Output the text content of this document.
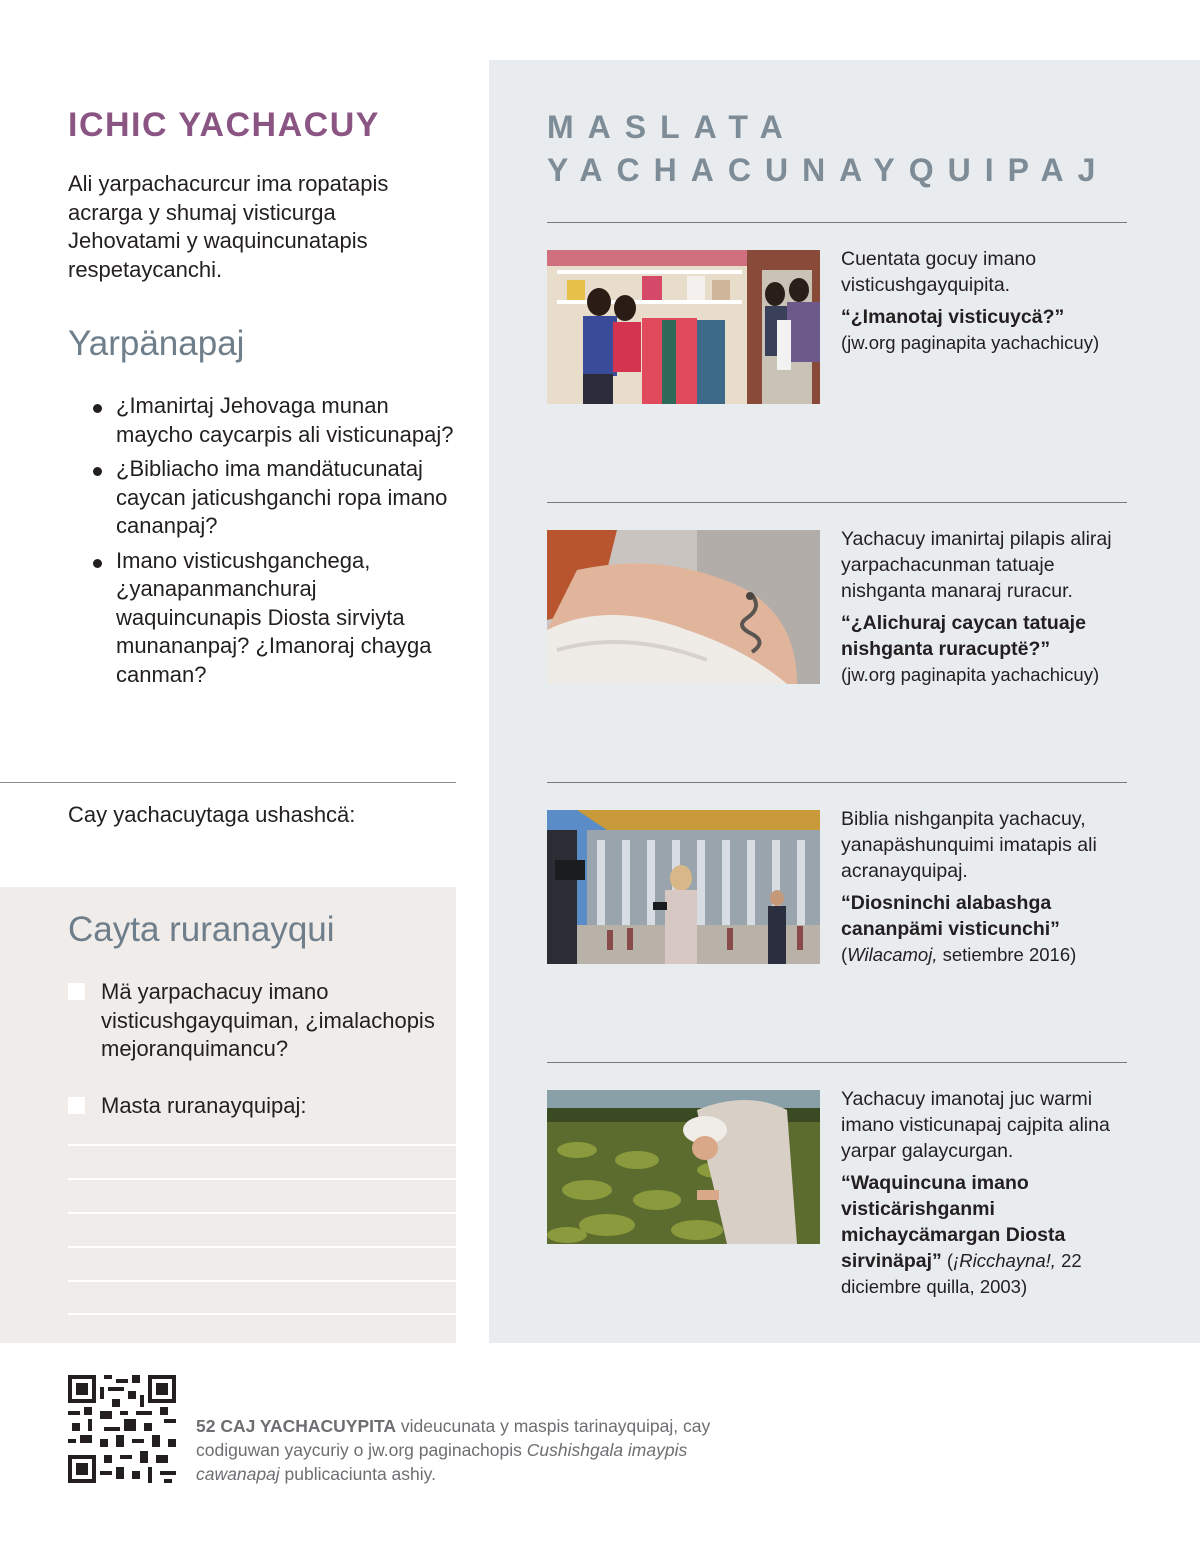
ICHIC YACHACUY

Ali yarpachacurcur ima ropatapis acrarga y shumaj visticurga Jehovatami y waquincunatapis respetaycanchi.

Yarpänapaj
¿Imanirtaj Jehovaga munan maycho caycarpis ali visticunapaj?
¿Bibliacho ima mandätucunataj caycan jaticushganchi ropa imano cananpaj?
Imano visticushganchega, ¿yanapanmanchuraj waquincunapis Diosta sirviyta munananpaj? ¿Imanoraj chayga canman?

Cay yachacuytaga ushashcä:

Cayta ruranayqui
Mä yarpachacuy imano visticushgayquiman, ¿imalachopis mejoranquimancu?
Masta ruranayquipaj:
MASLATA YACHACUNAYQUIPAJ
Cuentata gocuy imano visticushgayquipita.
“¿Imanotaj visticuycä?”
(jw.org paginapita yachachicuy)
Yachacuy imanirtaj pilapis aliraj yarpachacunman tatuaje nishganta manaraj ruracur.
“¿Alichuraj caycan tatuaje nishganta ruracuptë?”
(jw.org paginapita yachachicuy)
Biblia nishganpita yachacuy, yanapäshunquimi imatapis ali acranayquipaj.
“Diosninchi alabashga cananpämi visticunchi”
(Wilacamoj, setiembre 2016)
Yachacuy imanotaj juc warmi imano visticunapaj cajpita alina yarpar galaycurgan.
“Waquincuna imano visticärishganmi michaycämargan Diosta sirvinäpaj” (¡Ricchayna!, 22 diciembre quilla, 2003)

52 CAJ YACHACUYPITA videucunata y maspis tarinayquipaj, cay codiguwan yaycuriy o jw.org paginachopis Cushishgala imaypis cawanapaj publicaciunta ashiy.
